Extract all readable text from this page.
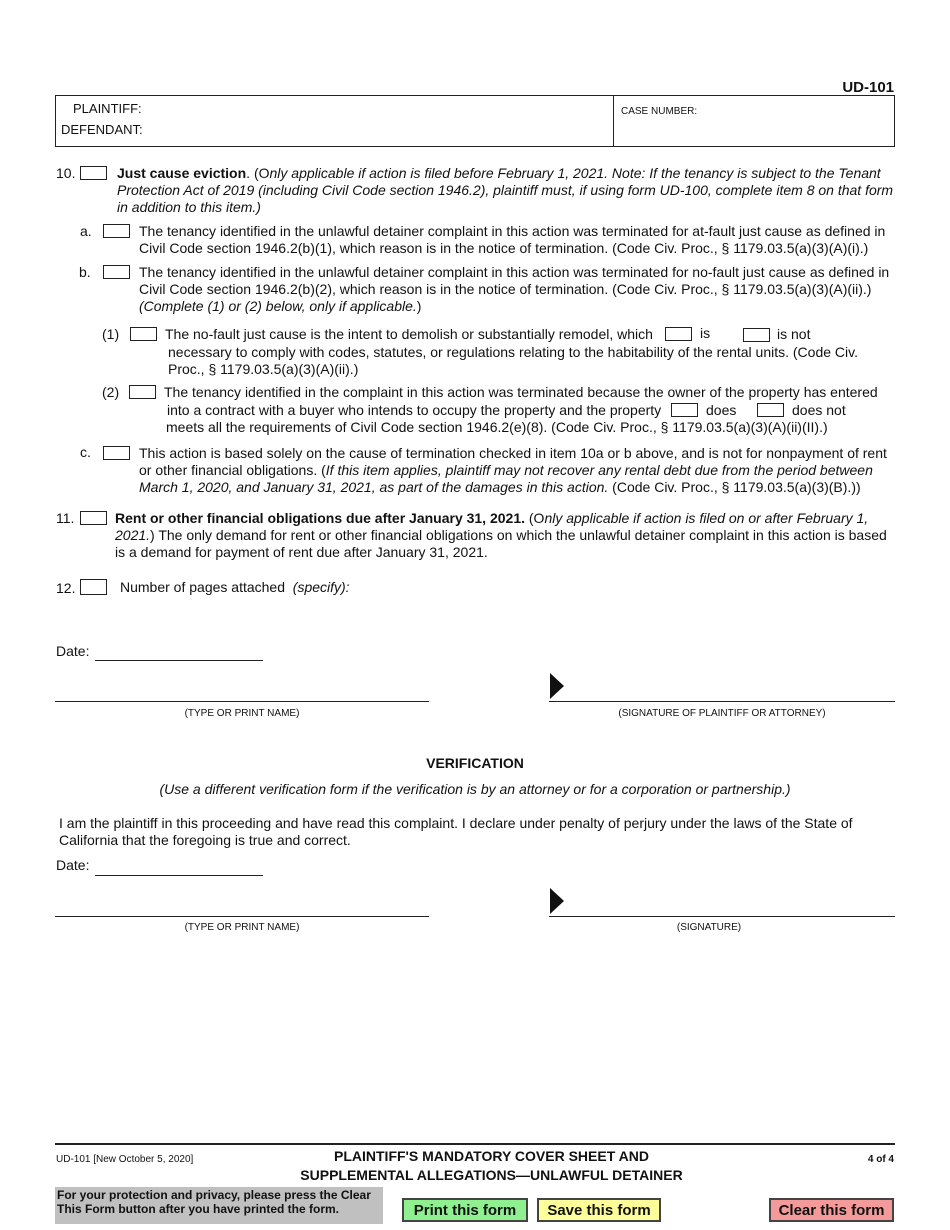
UD-101
PLAINTIFF:
DEFENDANT:
CASE NUMBER:
10.	Just cause eviction. (Only applicable if action is filed before February 1, 2021. Note: If the tenancy is subject to the Tenant
Protection Act of 2019 (including Civil Code section 1946.2), plaintiff must, if using form UD-100, complete item 8 on that form
in addition to this item.)
a.	The tenancy identified in the unlawful detainer complaint in this action was terminated for at-fault just cause as defined in
Civil Code section 1946.2(b)(1), which reason is in the notice of termination. (Code Civ. Proc., § 1179.03.5(a)(3)(A)(i).)
b.	The tenancy identified in the unlawful detainer complaint in this action was terminated for no-fault just cause as defined in
Civil Code section 1946.2(b)(2), which reason is in the notice of termination. (Code Civ. Proc., § 1179.03.5(a)(3)(A)(ii).)
(Complete (1) or (2) below, only if applicable.)
(1)	The no-fault just cause is the intent to demolish or substantially remodel, which	is	is not
necessary to comply with codes, statutes, or regulations relating to the habitability of the rental units. (Code Civ.
Proc., § 1179.03.5(a)(3)(A)(ii).)
(2)	The tenancy identified in the complaint in this action was terminated because the owner of the property has entered
into a contract with a buyer who intends to occupy the property and the property	does	does not
meets all the requirements of Civil Code section 1946.2(e)(8). (Code Civ. Proc., § 1179.03.5(a)(3)(A)(ii)(II).)
c.	This action is based solely on the cause of termination checked in item 10a or b above, and is not for nonpayment of rent
or other financial obligations. (If this item applies, plaintiff may not recover any rental debt due from the period between
March 1, 2020, and January 31, 2021, as part of the damages in this action. (Code Civ. Proc., § 1179.03.5(a)(3)(B).))
11.	Rent or other financial obligations due after January 31, 2021. (Only applicable if action is filed on or after February 1,
2021.) The only demand for rent or other financial obligations on which the unlawful detainer complaint in this action is based
is a demand for payment of rent due after January 31, 2021.
12.	Number of pages attached (specify):
Date:
(TYPE OR PRINT NAME)	(SIGNATURE OF PLAINTIFF OR ATTORNEY)
VERIFICATION
(Use a different verification form if the verification is by an attorney or for a corporation or partnership.)
I am the plaintiff in this proceeding and have read this complaint. I declare under penalty of perjury under the laws of the State of
California that the foregoing is true and correct.
Date:
(TYPE OR PRINT NAME)	(SIGNATURE)
UD-101 [New October 5, 2020]	PLAINTIFF'S MANDATORY COVER SHEET AND
SUPPLEMENTAL ALLEGATIONS—UNLAWFUL DETAINER
4 of 4
For your protection and privacy, please press the Clear
This Form button after you have printed the form.	Print this form	Save this form	Clear this form
